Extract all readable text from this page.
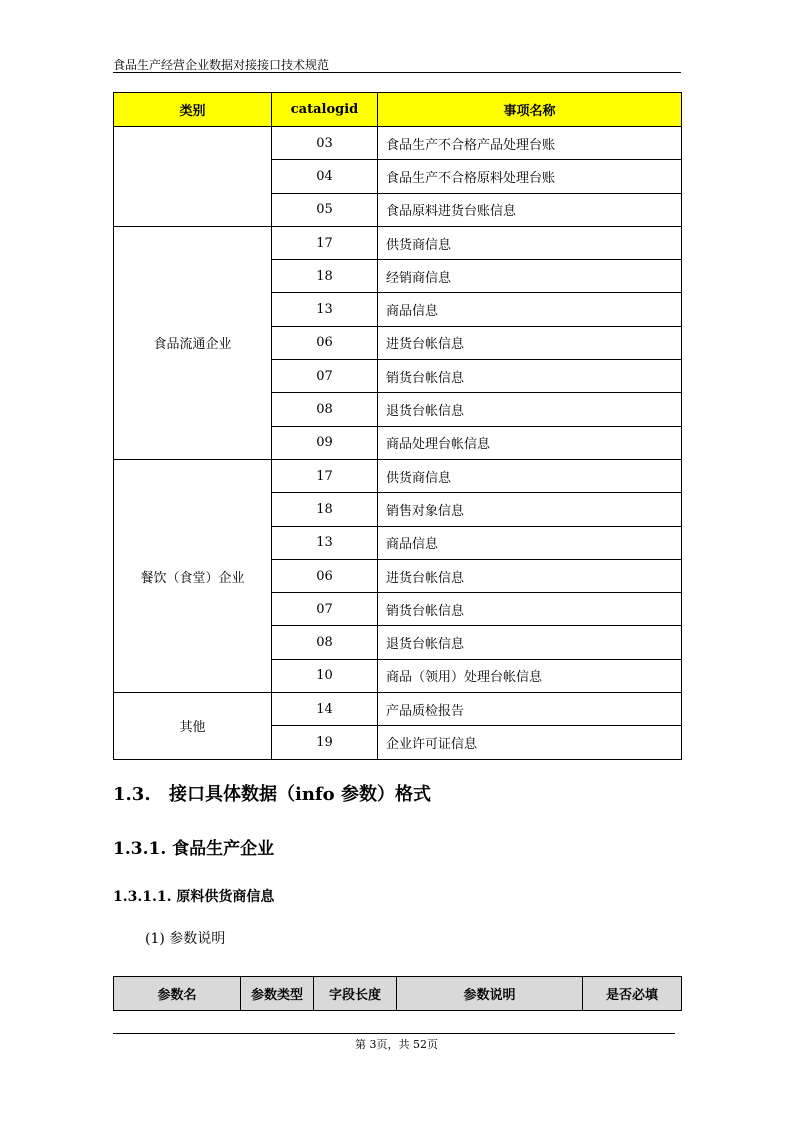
食品生产经营企业数据对接接口技术规范
类别	catalogid	事项名称
	03	食品生产不合格产品处理台账
	04	食品生产不合格原料处理台账
	05	食品原料进货台账信息
食品流通企业	17	供货商信息
	18	经销商信息
	13	商品信息
	06	进货台帐信息
	07	销货台帐信息
	08	退货台帐信息
	09	商品处理台帐信息
餐饮（食堂）企业	17	供货商信息
	18	销售对象信息
	13	商品信息
	06	进货台帐信息
	07	销货台帐信息
	08	退货台帐信息
	10	商品（领用）处理台帐信息
其他	14	产品质检报告
	19	企业许可证信息
1.3. 接口具体数据（info 参数）格式
1.3.1. 食品生产企业
1.3.1.1. 原料供货商信息
(1) 参数说明
参数名	参数类型	字段长度	参数说明	是否必填
第 3页，共 52页
